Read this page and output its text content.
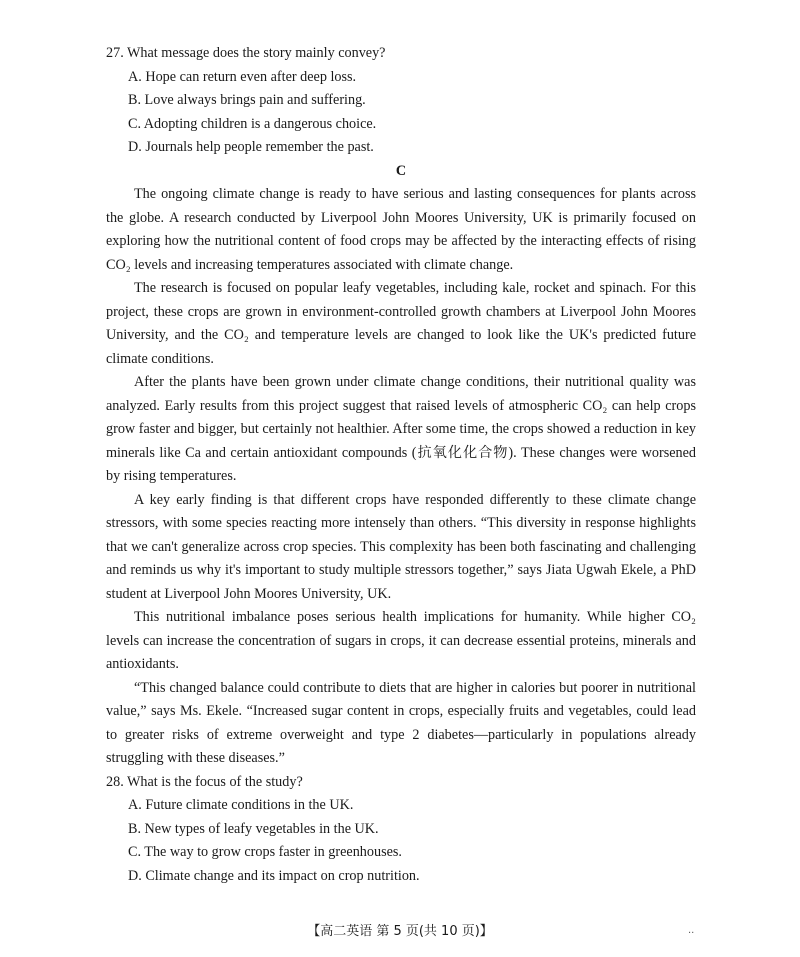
27. What message does the story mainly convey?

A. Hope can return even after deep loss.

B. Love always brings pain and suffering.

C. Adopting children is a dangerous choice.

D. Journals help people remember the past.

C

The ongoing climate change is ready to have serious and lasting consequences for plants across the globe. A research conducted by Liverpool John Moores University, UK is primarily focused on exploring how the nutritional content of food crops may be affected by the interacting effects of rising CO₂ levels and increasing temperatures associated with climate change.

The research is focused on popular leafy vegetables, including kale, rocket and spinach. For this project, these crops are grown in environment-controlled growth chambers at Liverpool John Moores University, and the CO₂ and temperature levels are changed to look like the UK's predicted future climate conditions.

After the plants have been grown under climate change conditions, their nutritional quality was analyzed. Early results from this project suggest that raised levels of atmospheric CO₂ can help crops grow faster and bigger, but certainly not healthier. After some time, the crops showed a reduction in key minerals like Ca and certain antioxidant compounds (抗氧化化合物). These changes were worsened by rising temperatures.

A key early finding is that different crops have responded differently to these climate change stressors, with some species reacting more intensely than others. “This diversity in response highlights that we can't generalize across crop species. This complexity has been both fascinating and challenging and reminds us why it's important to study multiple stressors together,” says Jiata Ugwah Ekele, a PhD student at Liverpool John Moores University, UK.

This nutritional imbalance poses serious health implications for humanity. While higher CO₂ levels can increase the concentration of sugars in crops, it can decrease essential proteins, minerals and antioxidants.

“This changed balance could contribute to diets that are higher in calories but poorer in nutritional value,” says Ms. Ekele. “Increased sugar content in crops, especially fruits and vegetables, could lead to greater risks of extreme overweight and type 2 diabetes—particularly in populations already struggling with these diseases.”

28. What is the focus of the study?

A. Future climate conditions in the UK.

B. New types of leafy vegetables in the UK.

C. The way to grow crops faster in greenhouses.

D. Climate change and its impact on crop nutrition.

【高二英语 第 5 页(共 10 页)】	··
